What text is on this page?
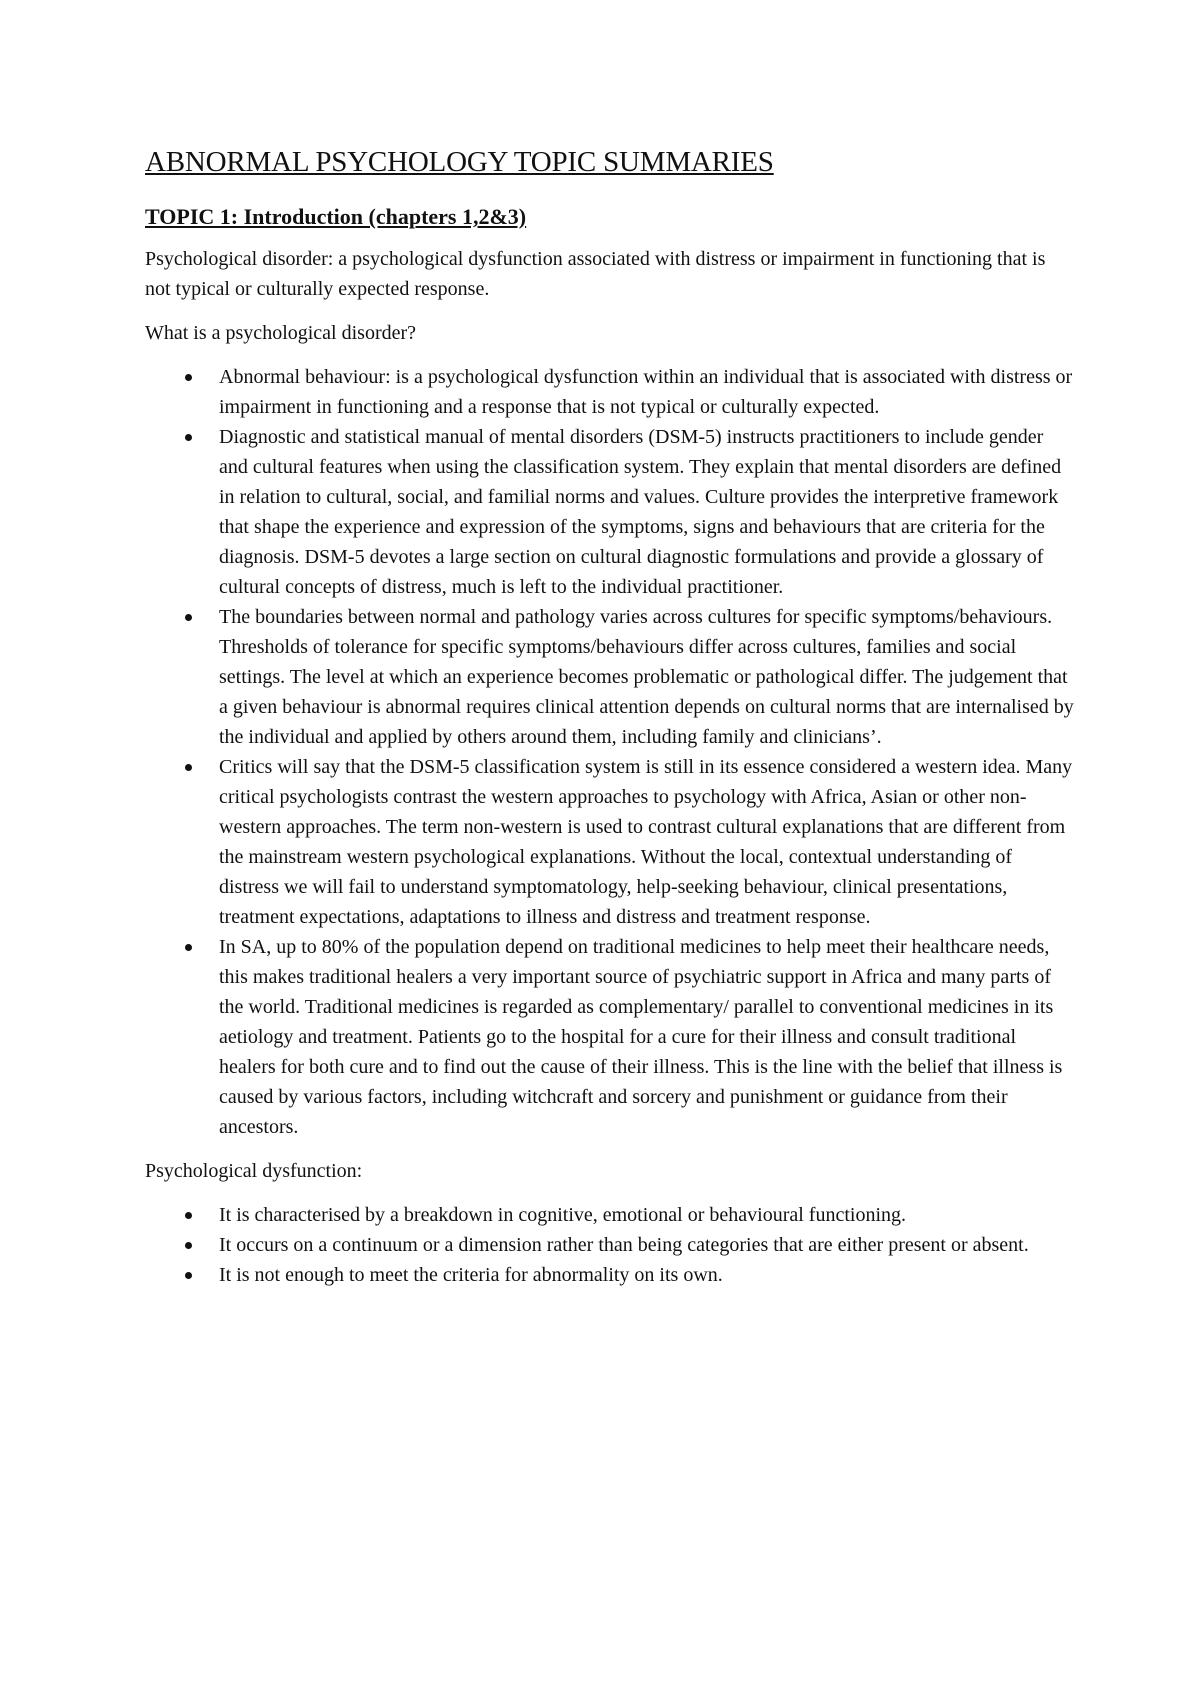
ABNORMAL PSYCHOLOGY TOPIC SUMMARIES
TOPIC 1: Introduction (chapters 1,2&3)

Psychological disorder: a psychological dysfunction associated with distress or impairment in functioning that is not typical or culturally expected response.

What is a psychological disorder?

Abnormal behaviour: is a psychological dysfunction within an individual that is associated with distress or impairment in functioning and a response that is not typical or culturally expected.
Diagnostic and statistical manual of mental disorders (DSM-5) instructs practitioners to include gender and cultural features when using the classification system. They explain that mental disorders are defined in relation to cultural, social, and familial norms and values. Culture provides the interpretive framework that shape the experience and expression of the symptoms, signs and behaviours that are criteria for the diagnosis. DSM-5 devotes a large section on cultural diagnostic formulations and provide a glossary of cultural concepts of distress, much is left to the individual practitioner.
The boundaries between normal and pathology varies across cultures for specific symptoms/behaviours. Thresholds of tolerance for specific symptoms/behaviours differ across cultures, families and social settings. The level at which an experience becomes problematic or pathological differ. The judgement that a given behaviour is abnormal requires clinical attention depends on cultural norms that are internalised by the individual and applied by others around them, including family and clinicians’.
Critics will say that the DSM-5 classification system is still in its essence considered a western idea. Many critical psychologists contrast the western approaches to psychology with Africa, Asian or other non-western approaches. The term non-western is used to contrast cultural explanations that are different from the mainstream western psychological explanations. Without the local, contextual understanding of distress we will fail to understand symptomatology, help-seeking behaviour, clinical presentations, treatment expectations, adaptations to illness and distress and treatment response.
In SA, up to 80% of the population depend on traditional medicines to help meet their healthcare needs, this makes traditional healers a very important source of psychiatric support in Africa and many parts of the world. Traditional medicines is regarded as complementary/ parallel to conventional medicines in its aetiology and treatment. Patients go to the hospital for a cure for their illness and consult traditional healers for both cure and to find out the cause of their illness. This is the line with the belief that illness is caused by various factors, including witchcraft and sorcery and punishment or guidance from their ancestors.

Psychological dysfunction:

It is characterised by a breakdown in cognitive, emotional or behavioural functioning.
It occurs on a continuum or a dimension rather than being categories that are either present or absent.
It is not enough to meet the criteria for abnormality on its own.
